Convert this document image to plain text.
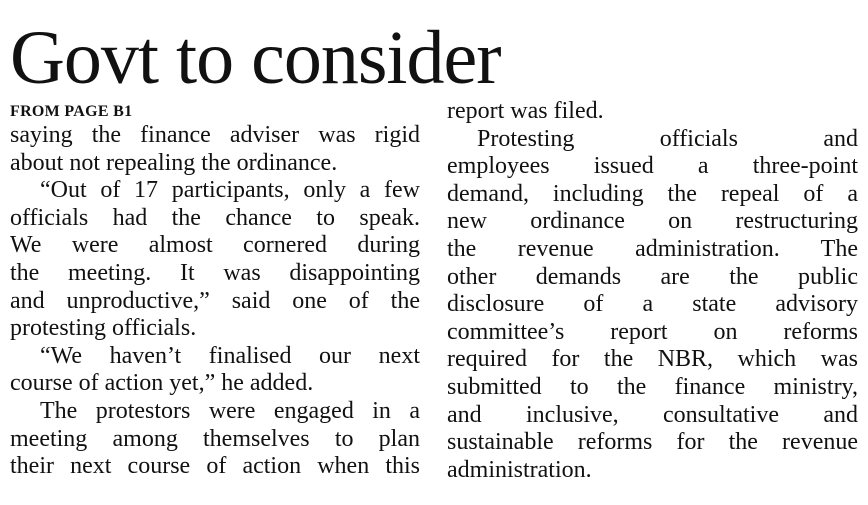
Govt to consider
FROM PAGE B1
saying the finance adviser was rigid
about not repealing the ordinance.
“Out of 17 participants, only a few
officials had the chance to speak.
We were almost cornered during
the meeting. It was disappointing
and unproductive,” said one of the
protesting officials.
“We haven’t finalised our next
course of action yet,” he added.
The protestors were engaged in a
meeting among themselves to plan
their next course of action when this
report was filed.
Protesting officials and
employees issued a three-point
demand, including the repeal of a
new ordinance on restructuring
the revenue administration. The
other demands are the public
disclosure of a state advisory
committee’s report on reforms
required for the NBR, which was
submitted to the finance ministry,
and inclusive, consultative and
sustainable reforms for the revenue
administration.
